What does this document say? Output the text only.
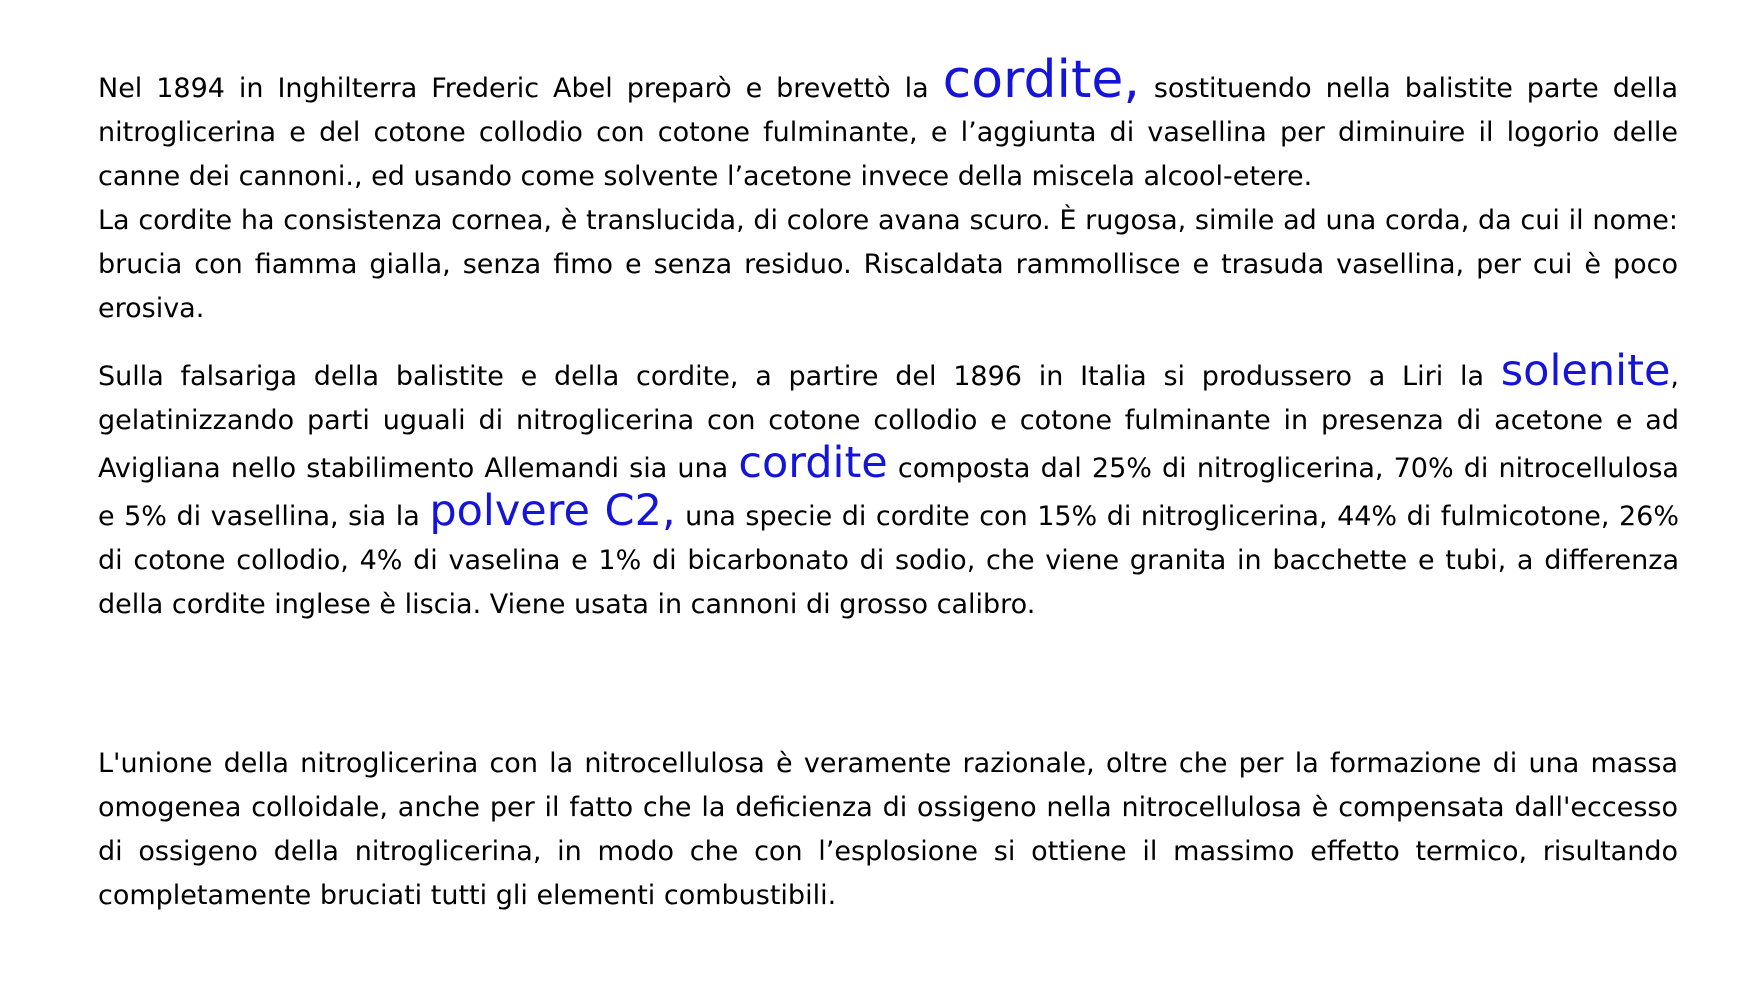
Nel 1894 in Inghilterra Frederic Abel preparò e brevettò la cordite, sostituendo nella balistite parte della nitroglicerina e del cotone collodio con cotone fulminante, e l’aggiunta di vasellina per diminuire il logorio delle canne dei cannoni., ed usando come solvente l’acetone invece della miscela alcool-etere.
La cordite ha consistenza cornea, è translucida, di colore avana scuro. È rugosa, simile ad una corda, da cui il nome: brucia con fiamma gialla, senza fimo e senza residuo. Riscaldata rammollisce e trasuda vasellina, per cui è poco erosiva.

Sulla falsariga della balistite e della cordite, a partire del 1896 in Italia si produssero a Liri la solenite, gelatinizzando parti uguali di nitroglicerina con cotone collodio e cotone fulminante in presenza di acetone e ad Avigliana nello stabilimento Allemandi sia una cordite composta dal 25% di nitroglicerina, 70% di nitrocellulosa e 5% di vasellina, sia la polvere C2, una specie di cordite con 15% di nitroglicerina, 44% di fulmicotone, 26% di cotone collodio, 4% di vaselina e 1% di bicarbonato di sodio, che viene granita in bacchette e tubi, a differenza della cordite inglese è liscia. Viene usata in cannoni di grosso calibro.

L'unione della nitroglicerina con la nitrocellulosa è veramente razionale, oltre che per la formazione di una massa omogenea colloidale, anche per il fatto che la deficienza di ossigeno nella nitrocellulosa è compensata dall'eccesso di ossigeno della nitroglicerina, in modo che con l’esplosione si ottiene il massimo effetto termico, risultando completamente bruciati tutti gli elementi combustibili.
